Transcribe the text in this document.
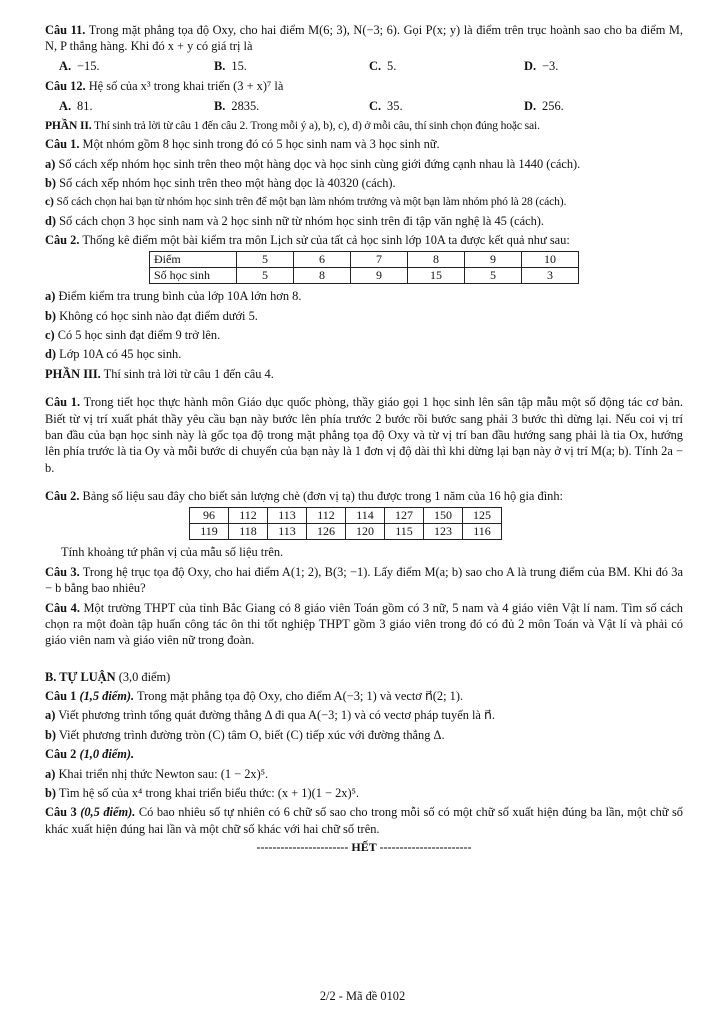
Câu 11. Trong mặt phẳng tọa độ Oxy, cho hai điểm M(6; 3), N(−3; 6). Gọi P(x; y) là điểm trên trục hoành sao cho ba điểm M, N, P thẳng hàng. Khi đó x + y có giá trị là
A. −15.	B. 15.	C. 5.	D. −3.
Câu 12. Hệ số của x³ trong khai triển (3 + x)⁷ là
A. 81.	B. 2835.	C. 35.	D. 256.
PHẦN II. Thí sinh trả lời từ câu 1 đến câu 2. Trong mỗi ý a), b), c), d) ở mỗi câu, thí sinh chọn đúng hoặc sai.
Câu 1. Một nhóm gồm 8 học sinh trong đó có 5 học sinh nam và 3 học sinh nữ.
a) Số cách xếp nhóm học sinh trên theo một hàng dọc và học sinh cùng giới đứng cạnh nhau là 1440 (cách).
b) Số cách xếp nhóm học sinh trên theo một hàng dọc là 40320 (cách).
c) Số cách chọn hai bạn từ nhóm học sinh trên để một bạn làm nhóm trưởng và một bạn làm nhóm phó là 28 (cách).
d) Số cách chọn 3 học sinh nam và 2 học sinh nữ từ nhóm học sinh trên đi tập văn nghệ là 45 (cách).
Câu 2. Thống kê điểm một bài kiểm tra môn Lịch sử của tất cả học sinh lớp 10A ta được kết quả như sau:
Điểm	5	6	7	8	9	10
Số học sinh	5	8	9	15	5	3
a) Điểm kiểm tra trung bình của lớp 10A lớn hơn 8.
b) Không có học sinh nào đạt điểm dưới 5.
c) Có 5 học sinh đạt điểm 9 trở lên.
d) Lớp 10A có 45 học sinh.
PHẦN III. Thí sinh trả lời từ câu 1 đến câu 4.
Câu 1. Trong tiết học thực hành môn Giáo dục quốc phòng, thầy giáo gọi 1 học sinh lên sân tập mẫu một số động tác cơ bản. Biết từ vị trí xuất phát thầy yêu cầu bạn này bước lên phía trước 2 bước rồi bước sang phải 3 bước thì dừng lại. Nếu coi vị trí ban đầu của bạn học sinh này là gốc tọa độ trong mặt phẳng tọa độ Oxy và từ vị trí ban đầu hướng sang phải là tia Ox, hướng lên phía trước là tia Oy và mỗi bước di chuyển của bạn này là 1 đơn vị độ dài thì khi dừng lại bạn này ở vị trí M(a; b). Tính 2a − b.
Câu 2. Bảng số liệu sau đây cho biết sản lượng chè (đơn vị tạ) thu được trong 1 năm của 16 hộ gia đình:
96	112	113	112	114	127	150	125
119	118	113	126	120	115	123	116
Tính khoảng tứ phân vị của mẫu số liệu trên.
Câu 3. Trong hệ trục tọa độ Oxy, cho hai điểm A(1; 2), B(3; −1). Lấy điểm M(a; b) sao cho A là trung điểm của BM. Khi đó 3a − b bằng bao nhiêu?
Câu 4. Một trường THPT của tỉnh Bắc Giang có 8 giáo viên Toán gồm có 3 nữ, 5 nam và 4 giáo viên Vật lí nam. Tìm số cách chọn ra một đoàn tập huấn công tác ôn thi tốt nghiệp THPT gồm 3 giáo viên trong đó có đủ 2 môn Toán và Vật lí và phải có giáo viên nam và giáo viên nữ trong đoàn.
B. TỰ LUẬN (3,0 điểm)
Câu 1 (1,5 điểm). Trong mặt phẳng tọa độ Oxy, cho điểm A(−3; 1) và vectơ n⃗(2; 1).
a) Viết phương trình tổng quát đường thẳng Δ đi qua A(−3; 1) và có vectơ pháp tuyến là n⃗.
b) Viết phương trình đường tròn (C) tâm O, biết (C) tiếp xúc với đường thẳng Δ.
Câu 2 (1,0 điểm).
a) Khai triển nhị thức Newton sau: (1 − 2x)⁵.
b) Tìm hệ số của x⁴ trong khai triển biểu thức: (x + 1)(1 − 2x)⁵.
Câu 3 (0,5 điểm). Có bao nhiêu số tự nhiên có 6 chữ số sao cho trong mỗi số có một chữ số xuất hiện đúng ba lần, một chữ số khác xuất hiện đúng hai lần và một chữ số khác với hai chữ số trên.
----------------------- HẾT -----------------------
2/2 - Mã đề 0102
